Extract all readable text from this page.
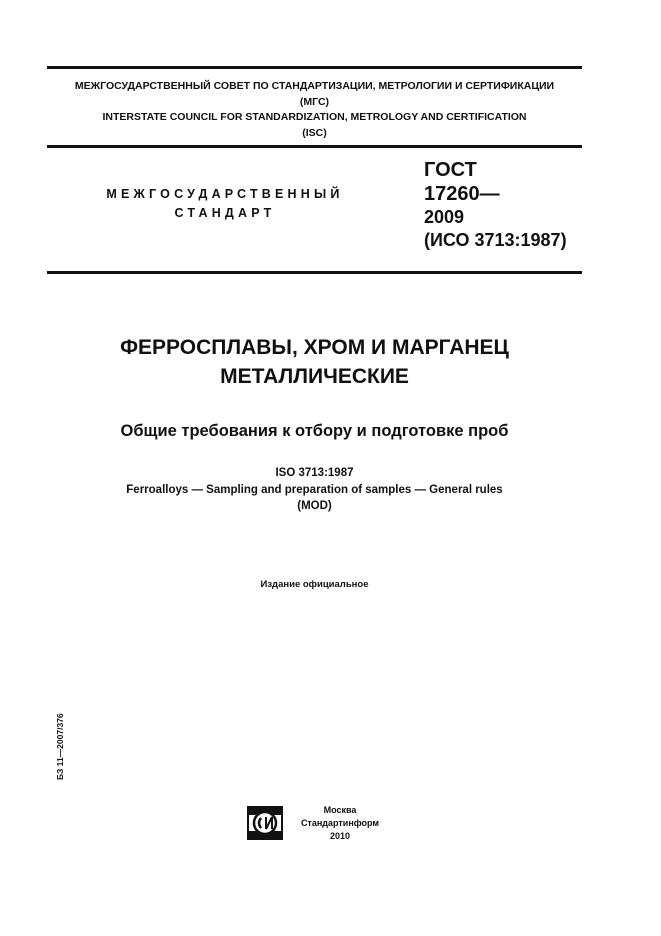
МЕЖГОСУДАРСТВЕННЫЙ СОВЕТ ПО СТАНДАРТИЗАЦИИ, МЕТРОЛОГИИ И СЕРТИФИКАЦИИ
(МГС)
INTERSTATE COUNCIL FOR STANDARDIZATION, METROLOGY AND CERTIFICATION
(ISC)
МЕЖГОСУДАРСТВЕННЫЙ
СТАНДАРТ
ГОСТ
17260—
2009
(ИСО 3713:1987)
ФЕРРОСПЛАВЫ, ХРОМ И МАРГАНЕЦ
МЕТАЛЛИЧЕСКИЕ
Общие требования к отбору и подготовке проб
ISO 3713:1987
Ferroalloys — Sampling and preparation of samples — General rules
(MOD)
Издание официальное
БЗ 11—2007/376
Москва
Стандартинформ
2010
